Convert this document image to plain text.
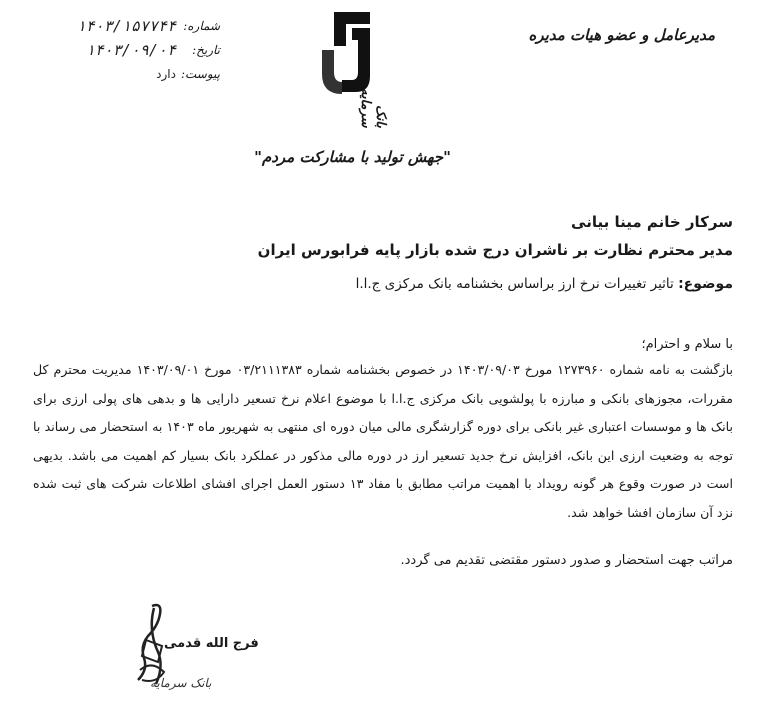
مدیرعامل و عضو هیات مدیره
شماره:
۱۴۰۳/۱۵۷۷۴۴
تاریخ:
۱۴۰۳/۰۹/۰۴
پیوست:
دارد
بانک سرمایه
"جهش تولید با مشارکت مردم"
سرکار خانم مینا بیانی
مدیر محترم نظارت بر ناشران درج شده بازار پایه فرابورس ایران
موضوع: تاثیر تغییرات نرخ ارز براساس بخشنامه بانک مرکزی ج.ا.ا
با سلام و احترام؛
بازگشت به نامه شماره ۱۲۷۳۹۶۰ مورخ ۱۴۰۳/۰۹/۰۳ در خصوص بخشنامه شماره ۰۳/۲۱۱۱۳۸۳ مورخ ۱۴۰۳/۰۹/۰۱ مدیریت محترم کل مقررات، مجوزهای بانکی و مبارزه با پولشویی بانک مرکزی ج.ا.ا با موضوع اعلام نرخ تسعیر دارایی ها و بدهی های پولی ارزی برای بانک ها و موسسات اعتباری غیر بانکی برای دوره گزارشگری مالی میان دوره ای منتهی به شهریور ماه ۱۴۰۳ به استحضار می رساند با توجه به وضعیت ارزی این بانک، افزایش نرخ جدید تسعیر ارز در دوره مالی مذکور در عملکرد بانک بسیار کم اهمیت می باشد. بدیهی است در صورت وقوع هر گونه رویداد با اهمیت مراتب مطابق با مفاد ۱۳ دستور العمل اجرای افشای اطلاعات شرکت های ثبت شده نزد آن سازمان افشا خواهد شد.
مراتب جهت استحضار و صدور دستور مقتضی تقدیم می گردد.
فرج الله قدمی
بانک سرمایه
